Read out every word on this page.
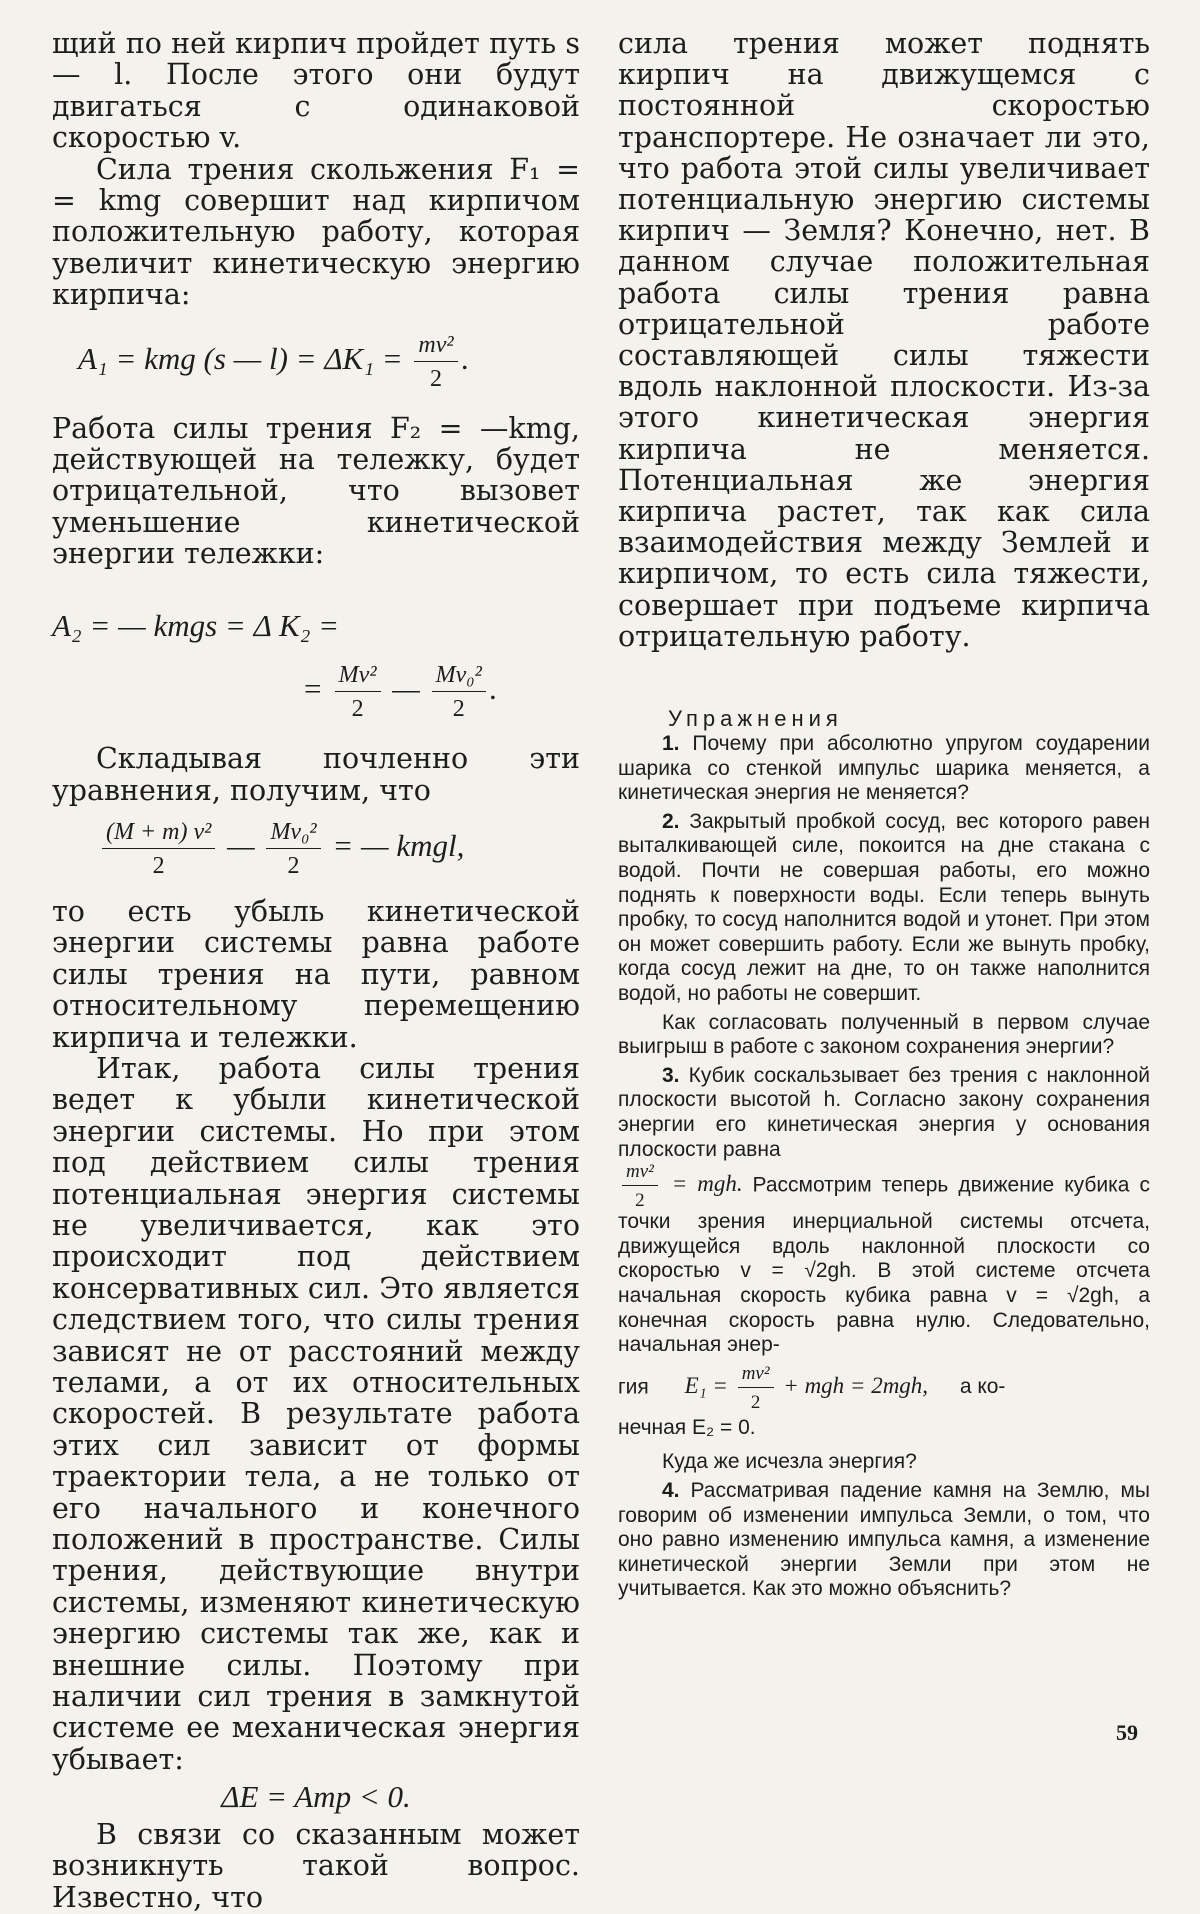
щий по ней кирпич пройдет путь s — l. После этого они будут двигаться с одинаковой скоростью v.

Сила трения скольжения F₁ = = kmg совершит над кирпичом положительную работу, которая увеличит кинетическую энергию кирпича:

A₁ = kmg (s — $l) = \Delta K_1 = \frac{\text{mv²}}{2}$ .

Работа силы трения F₂ = —kmg, действующей на тележку, будет отрицательной, что вызовет уменьшение кинетической энергии тележки:

A₂ = — kmgs = Δ K₂ =
= $\frac{\text{Mv²}}{2}$ — $\frac{\text{Mv₀²}}{2}$ .

Складывая почленно эти уравнения, получим, что

$\frac{\text{(M + m) v²}}{2}$ — $\frac{\text{Mv₀²}}{2}$ = — kmgl,

то есть убыль кинетической энергии системы равна работе силы трения на пути, равном относительному перемещению кирпича и тележки.

Итак, работа силы трения ведет к убыли кинетической энергии системы. Но при этом под действием силы трения потенциальная энергия системы не увеличивается, как это происходит под действием консервативных сил. Это является следствием того, что силы трения зависят не от расстояний между телами, а от их относительных скоростей. В результате работа этих сил зависит от формы траектории тела, а не только от его начального и конечного положений в пространстве. Силы трения, действующие внутри системы, изменяют кинетическую энергию системы так же, как и внешние силы. Поэтому при наличии сил трения в замкнутой системе ее механическая энергия убывает:

ΔE = Aтр < 0.

В связи со сказанным может возникнуть такой вопрос. Известно, что

сила трения может поднять кирпич на движущемся с постоянной скоростью транспортере. Не означает ли это, что работа этой силы увеличивает потенциальную энергию системы кирпич — Земля? Конечно, нет. В данном случае положительная работа силы трения равна отрицательной работе составляющей силы тяжести вдоль наклонной плоскости. Из-за этого кинетическая энергия кирпича не меняется. Потенциальная же энергия кирпича растет, так как сила взаимодействия между Землей и кирпичом, то есть сила тяжести, совершает при подъеме кирпича отрицательную работу.

Упражнения

1. Почему при абсолютно упругом соударении шарика со стенкой импульс шарика меняется, а кинетическая энергия не меняется?

2. Закрытый пробкой сосуд, вес которого равен выталкивающей силе, покоится на дне стакана с водой. Почти не совершая работы, его можно поднять к поверхности воды. Если теперь вынуть пробку, то сосуд наполнится водой и утонет. При этом он может совершить работу. Если же вынуть пробку, когда сосуд лежит на дне, то он также наполнится водой, но работы не совершит.

Как согласовать полученный в первом случае выигрыш в работе с законом сохранения энергии?

3. Кубик соскальзывает без трения с наклонной плоскости высотой h. Согласно закону сохранения энергии его кинетическая энергия у основания плоскости равна

$\frac{\text{mv²}}{2}$ = mgh. Рассмотрим теперь движение кубика с точки зрения инерциальной системы отсчета, движущейся вдоль наклонной плоскости со скоростью v = √2gh. В этой системе отсчета начальная скорость кубика равна v = √2gh, а конечная скорость равна нулю. Следовательно, начальная энер-

гия $E_1 = \frac{\text{mv²}}{2}$ + mgh = 2mgh, а ко-

нечная E₂ = 0.

Куда же исчезла энергия?

4. Рассматривая падение камня на Землю, мы говорим об изменении импульса Земли, о том, что оно равно изменению импульса камня, а изменение кинетической энергии Земли при этом не учитывается. Как это можно объяснить?

59
